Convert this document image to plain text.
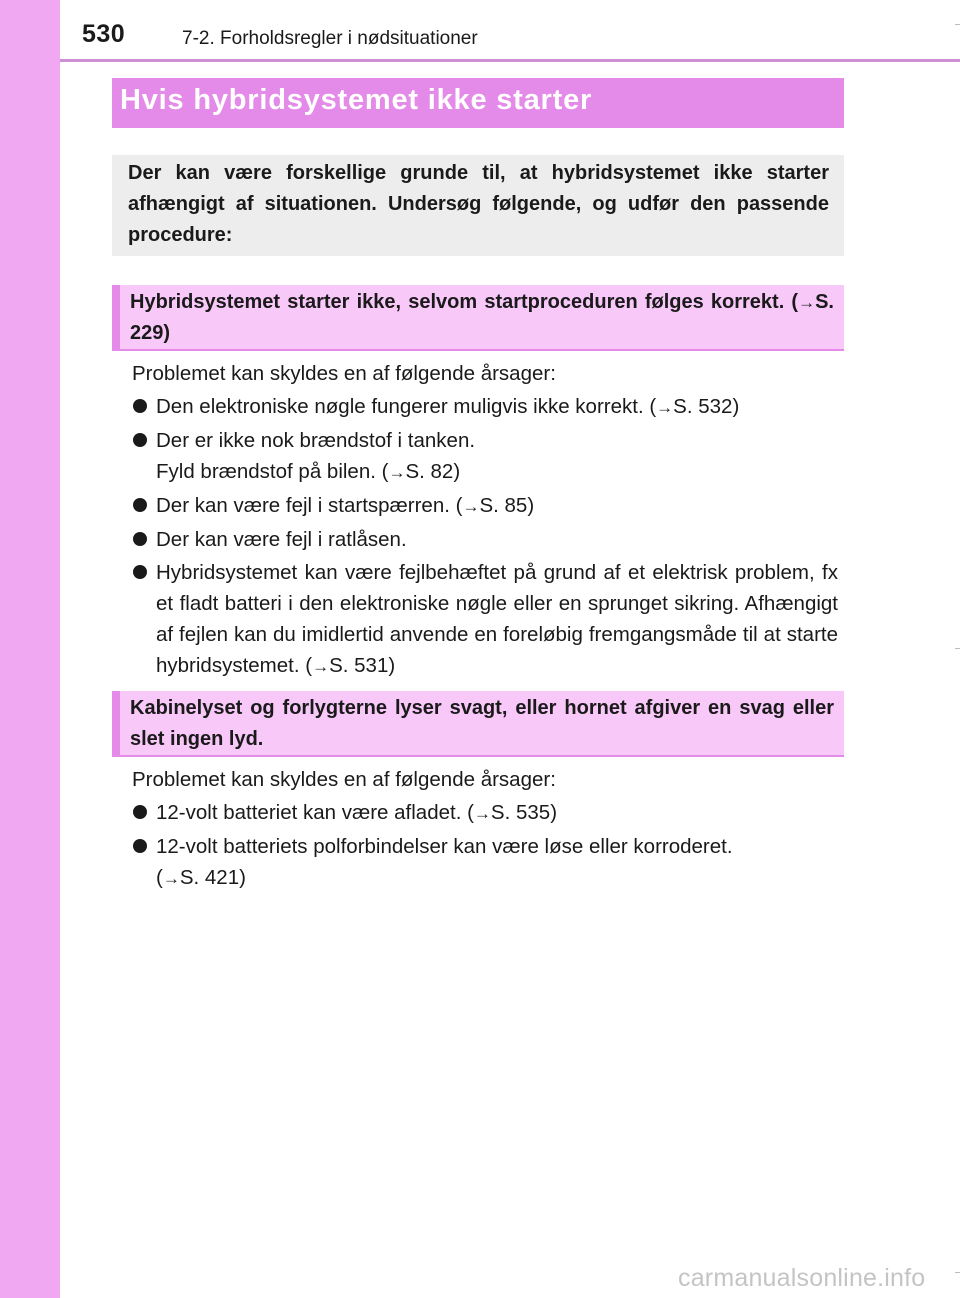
530	7-2. Forholdsregler i nødsituationer
Hvis hybridsystemet ikke starter
Der kan være forskellige grunde til, at hybridsystemet ikke starter afhængigt af situationen. Undersøg følgende, og udfør den passende procedure:
Hybridsystemet starter ikke, selvom startproceduren følges korrekt. (→S. 229)

Problemet kan skyldes en af følgende årsager:

Den elektroniske nøgle fungerer muligvis ikke korrekt. (→S. 532)
Der er ikke nok brændstof i tanken.
Fyld brændstof på bilen. (→S. 82)
Der kan være fejl i startspærren. (→S. 85)
Der kan være fejl i ratlåsen.
Hybridsystemet kan være fejlbehæftet på grund af et elektrisk problem, fx et fladt batteri i den elektroniske nøgle eller en sprunget sikring. Afhængigt af fejlen kan du imidlertid anvende en foreløbig fremgangsmåde til at starte hybridsystemet. (→S. 531)
Kabinelyset og forlygterne lyser svagt, eller hornet afgiver en svag eller slet ingen lyd.

Problemet kan skyldes en af følgende årsager:

12-volt batteriet kan være afladet. (→S. 535)
12-volt batteriets polforbindelser kan være løse eller korroderet.
(→S. 421)
carmanualsonline.info
